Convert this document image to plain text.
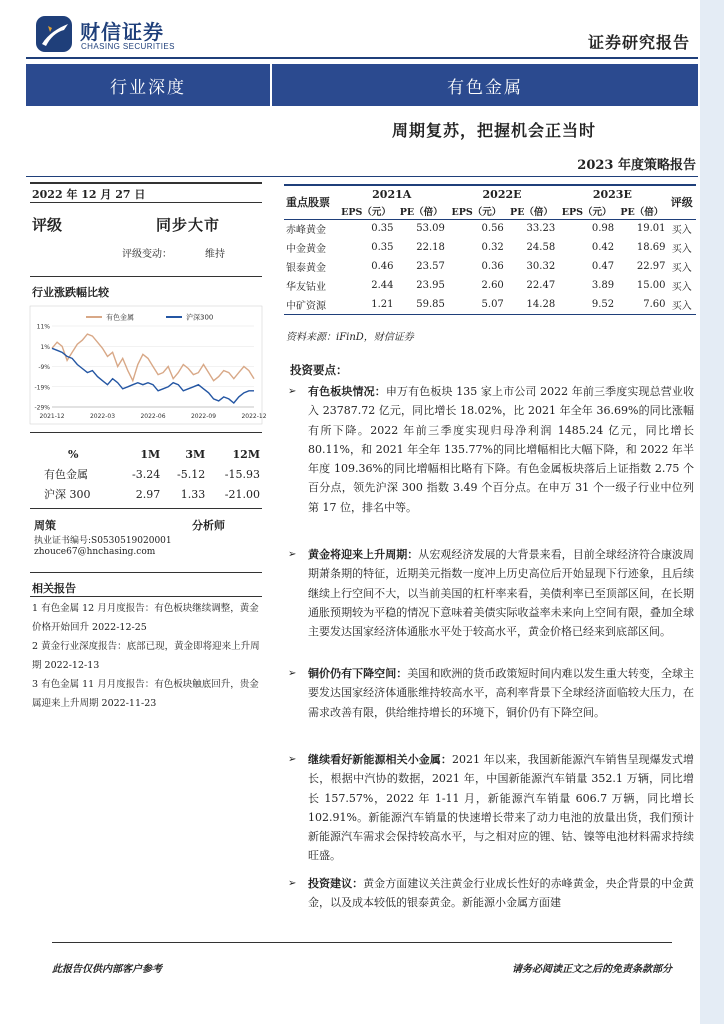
财信证券
CHASING SECURITIES	证券研究报告
行业深度	有色金属
周期复苏，把握机会正当时
2023 年度策略报告
2022 年 12 月 27 日
评级	同步大市
评级变动：	维持
行业涨跌幅比较
11%
1%
-9%
-19%
-29%
2021-12	2022-03	2022-06	2022-09	2022-12
有色金属	沪深300
%	1M	3M	12M
有色金属	-3.24	-5.12	-15.93
沪深 300	2.97	1.33	-21.00
周策	分析师
执业证书编号:S0530519020001
zhouce67@hnchasing.com
相关报告
1 有色金属 12 月月度报告：有色板块继续调整，黄金价格开始回升 2022-12-25
2 黄金行业深度报告：底部已现，黄金即将迎来上升周期 2022-12-13
3 有色金属 11 月月度报告：有色板块触底回升，贵金属迎来上升周期 2022-11-23
重点股票	2021A		2022E		2023E		评级
	EPS（元）	PE（倍）	EPS（元）	PE（倍）	EPS（元）	PE（倍）	
赤峰黄金	0.35	53.09	0.56	33.23	0.98	19.01	买入
中金黄金	0.35	22.18	0.32	24.58	0.42	18.69	买入
银泰黄金	0.46	23.57	0.36	30.32	0.47	22.97	买入
华友钴业	2.44	23.95	2.60	22.47	3.89	15.00	买入
中矿资源	1.21	59.85	5.07	14.28	9.52	7.60	买入
资料来源：iFinD，财信证券
投资要点：
➢ 有色板块情况：申万有色板块 135 家上市公司 2022 年前三季度实现总营业收入 23787.72 亿元，同比增长 18.02%，比 2021 年全年 36.69%的同比涨幅有所下降。2022 年前三季度实现归母净利润 1485.24 亿元，同比增长 80.11%，和 2021 年全年 135.77%的同比增幅相比大幅下降，和 2022 年半年度 109.36%的同比增幅相比略有下降。有色金属板块落后上证指数 2.75 个百分点，领先沪深 300 指数 3.49 个百分点。在申万 31 个一级子行业中位列第 17 位，排名中等。
➢ 黄金将迎来上升周期：从宏观经济发展的大背景来看，目前全球经济符合康波周期萧条期的特征，近期美元指数一度冲上历史高位后开始显现下行迹象，且后续继续上行空间不大，以当前美国的杠杆率来看，美债利率已至顶部区间，在长期通胀预期较为平稳的情况下意味着美债实际收益率未来向上空间有限，叠加全球主要发达国家经济体通胀水平处于较高水平，黄金价格已经来到底部区间。
➢ 铜价仍有下降空间：美国和欧洲的货币政策短时间内难以发生重大转变，全球主要发达国家经济体通胀维持较高水平，高利率背景下全球经济面临较大压力，在需求改善有限，供给维持增长的环境下，铜价仍有下降空间。
➢ 继续看好新能源相关小金属：2021 年以来，我国新能源汽车销售呈现爆发式增长，根据中汽协的数据，2021 年，中国新能源汽车销量 352.1 万辆，同比增长 157.57%，2022 年 1-11 月，新能源汽车销量 606.7 万辆，同比增长 102.91%。新能源汽车销量的快速增长带来了动力电池的放量出货，我们预计新能源汽车需求会保持较高水平，与之相对应的锂、钴、镍等电池材料需求持续旺盛。
➢ 投资建议：黄金方面建议关注黄金行业成长性好的赤峰黄金，央企背景的中金黄金，以及成本较低的银泰黄金。新能源小金属方面建
此报告仅供内部客户参考	请务必阅读正文之后的免责条款部分
